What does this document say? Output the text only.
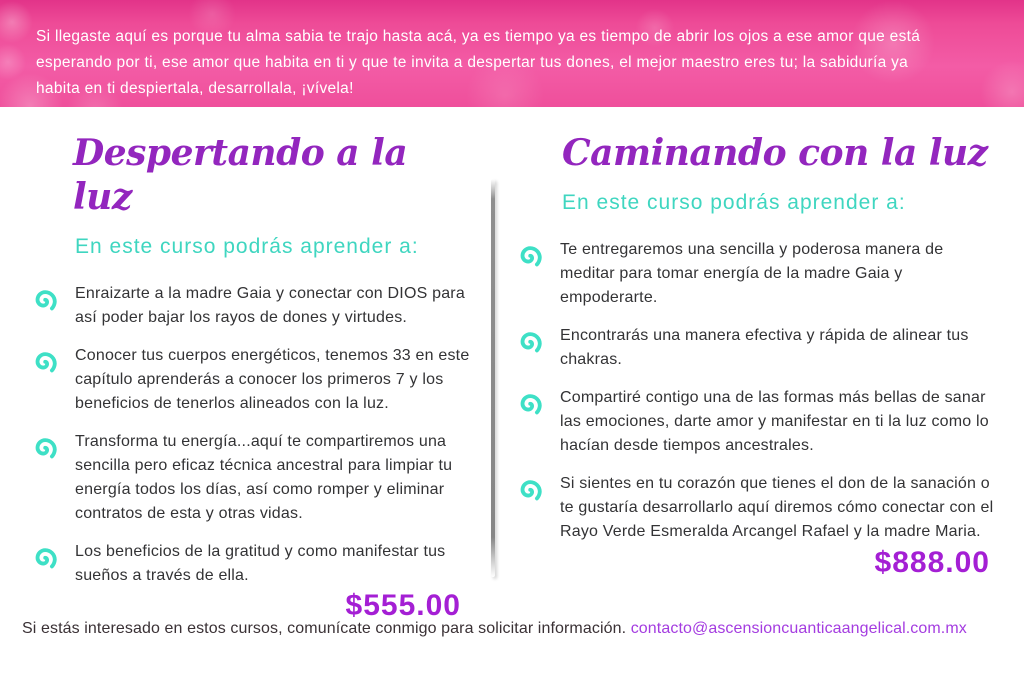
Si llegaste aquí es porque tu alma sabia te trajo hasta acá, ya es tiempo ya es tiempo de abrir los ojos a ese amor que está
esperando por ti, ese amor que habita en ti y que te invita a despertar tus dones, el mejor maestro eres tu; la sabiduría ya
habita en ti despiertala, desarrollala, ¡vívela!
Despertando a la luz
En este curso podrás aprender a:
Enraizarte a la madre Gaia y conectar con DIOS para así poder bajar los rayos de dones y virtudes.
Conocer tus cuerpos energéticos, tenemos 33 en este capítulo aprenderás a conocer los primeros 7 y los beneficios de tenerlos alineados con la luz.
Transforma tu energía...aquí te compartiremos una sencilla pero eficaz técnica ancestral para limpiar tu energía todos los días, así como romper y eliminar contratos de esta y otras vidas.
Los beneficios de la gratitud y como manifestar tus sueños a través de ella.
$555.00
Caminando con la luz
En este curso podrás aprender a:
Te entregaremos una sencilla y poderosa manera de meditar para tomar energía de la madre Gaia y empoderarte.
Encontrarás una manera efectiva y rápida de alinear tus chakras.
Compartiré contigo una de las formas más bellas de sanar las emociones, darte amor y manifestar en ti la luz como lo hacían desde tiempos ancestrales.
Si sientes en tu corazón que tienes el don de la sanación o te gustaría desarrollarlo aquí diremos cómo conectar con el Rayo Verde Esmeralda Arcangel Rafael y la madre Maria.
$888.00
Si estás interesado en estos cursos, comunícate conmigo para solicitar información. contacto@ascensioncuanticaangelical.com.mx
